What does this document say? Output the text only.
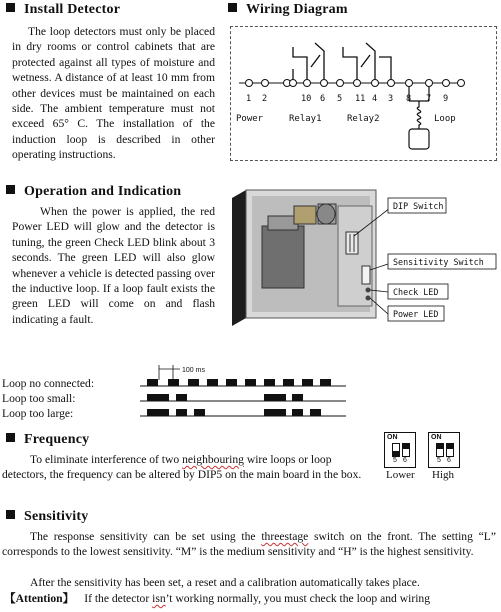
Install Detector
The loop detectors must only be placed in dry rooms or control cabinets that are protected against all types of moisture and wetness. A distance of at least 10 mm from other devices must be maintained on each side. The ambient temperature must not exceed 65° C. The installation of the induction loop is described in other operating instructions.
Wiring Diagram
1 2	10 6 5 11 4 3 8 7 9
Power	Relay1	Relay2	Loop
Operation and Indication
When the power is applied, the red Power LED will glow and the detector is tuning, the green Check LED blink about 3 seconds. The green LED will also glow whenever a vehicle is detected passing over the inductive loop. If a loop fault exists the green LED will come on and flash indicating a fault.
DIP Switch
Sensitivity Switch
Check LED
Power LED
100 ms
Loop no connected:
Loop too small:
Loop too large:
Frequency
To eliminate interference of two neighbouring wire loops or loop detectors, the frequency can be altered by DIP5 on the main board in the box.
ON
5 6
Lower
ON
5 6
High
Sensitivity
The response sensitivity can be set using the threestage switch on the front. The setting “L” corresponds to the lowest sensitivity. “M” is the medium sensitivity and “H” is the highest sensitivity.
After the sensitivity has been set, a reset and a calibration automatically takes place.
【Attention】 If the detector isn’t working normally, you must check the loop and wiring
